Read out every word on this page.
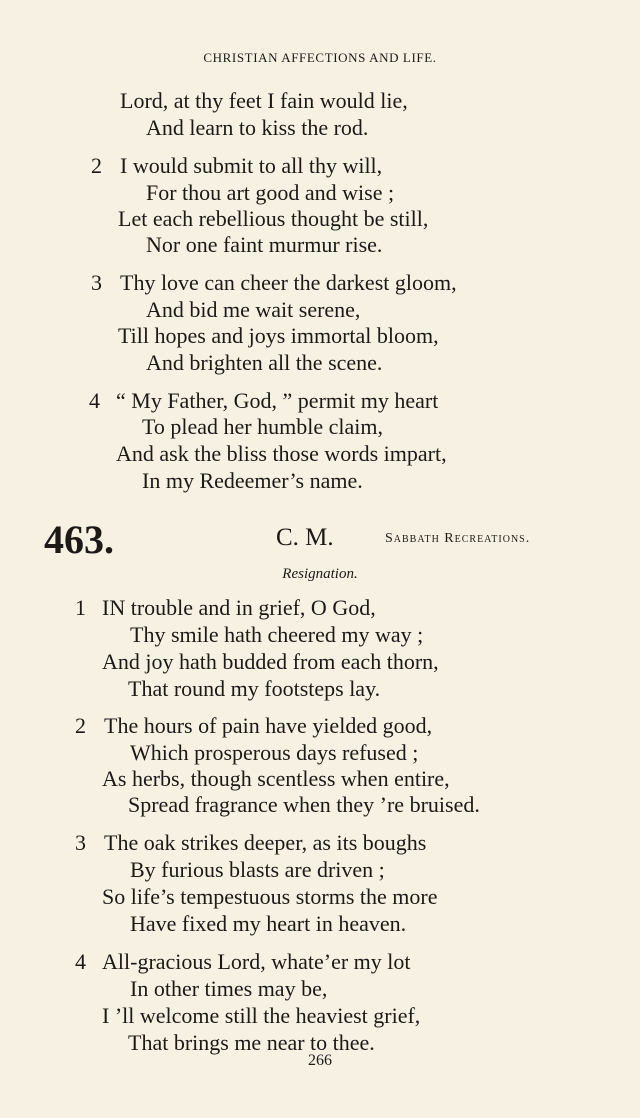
CHRISTIAN AFFECTIONS AND LIFE.
Lord, at thy feet I fain would lie,
And learn to kiss the rod.
2 I would submit to all thy will,
For thou art good and wise ;
Let each rebellious thought be still,
Nor one faint murmur rise.
3 Thy love can cheer the darkest gloom,
And bid me wait serene,
Till hopes and joys immortal bloom,
And brighten all the scene.
4 “ My Father, God, ” permit my heart
To plead her humble claim,
And ask the bliss those words impart,
In my Redeemer’s name.
463.	C. M.	Sabbath Recreations.
Resignation.
1 IN trouble and in grief, O God,
Thy smile hath cheered my way ;
And joy hath budded from each thorn,
That round my footsteps lay.
2 The hours of pain have yielded good,
Which prosperous days refused ;
As herbs, though scentless when entire,
Spread fragrance when they ’re bruised.
3 The oak strikes deeper, as its boughs
By furious blasts are driven ;
So life’s tempestuous storms the more
Have fixed my heart in heaven.
4 All-gracious Lord, whate’er my lot
In other times may be,
I ’ll welcome still the heaviest grief,
That brings me near to thee.
266
